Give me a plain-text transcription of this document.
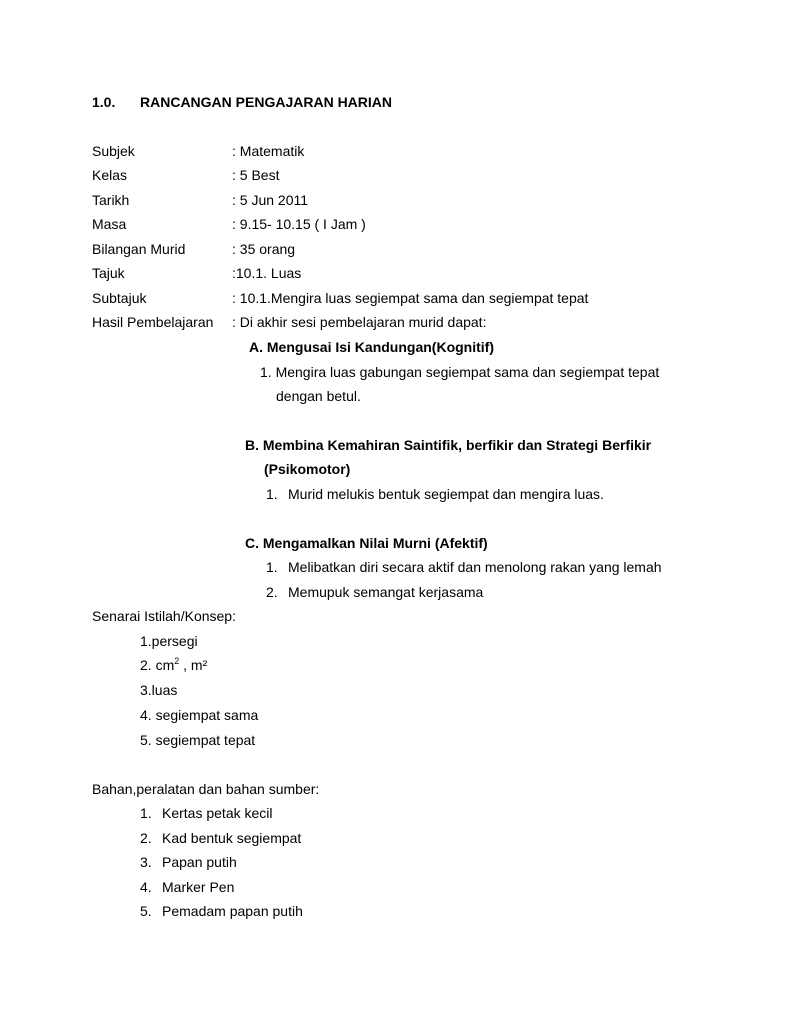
1.0. RANCANGAN PENGAJARAN HARIAN
Subjek	: Matematik
Kelas	: 5 Best
Tarikh	: 5 Jun 2011
Masa	: 9.15- 10.15 ( I Jam )
Bilangan Murid	: 35 orang
Tajuk	:10.1. Luas
Subtajuk	: 10.1.Mengira luas segiempat sama dan segiempat tepat
Hasil Pembelajaran : Di akhir sesi pembelajaran murid dapat:
A. Mengusai Isi Kandungan(Kognitif)
1. Mengira luas gabungan segiempat sama dan segiempat tepat
dengan betul.
B. Membina Kemahiran Saintifik, berfikir dan Strategi Berfikir
(Psikomotor)
1. Murid melukis bentuk segiempat dan mengira luas.
C. Mengamalkan Nilai Murni (Afektif)
1. Melibatkan diri secara aktif dan menolong rakan yang lemah
2. Memupuk semangat kerjasama
Senarai Istilah/Konsep:
1.persegi
2. $cm^2$ , m²
3.luas
4. segiempat sama
5. segiempat tepat
Bahan,peralatan dan bahan sumber:
1. Kertas petak kecil
2. Kad bentuk segiempat
3. Papan putih
4. Marker Pen
5. Pemadam papan putih
